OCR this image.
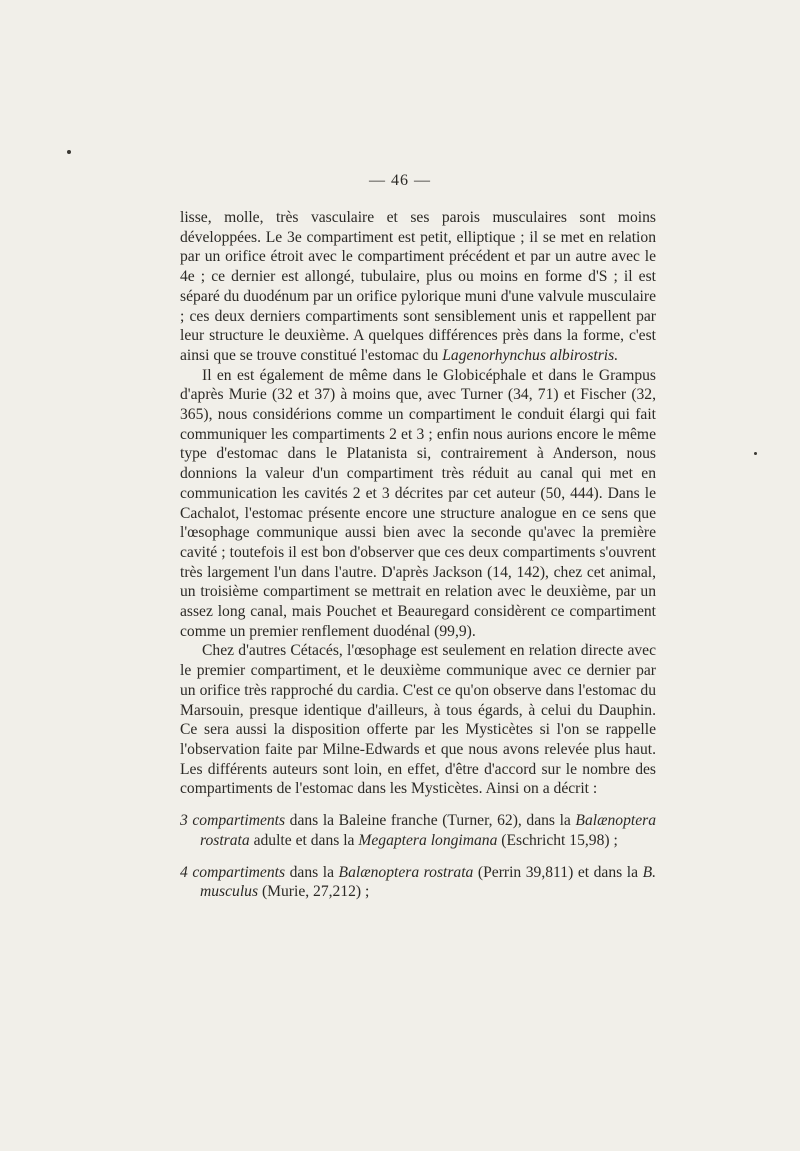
— 46 —

lisse, molle, très vasculaire et ses parois musculaires sont moins développées. Le 3e compartiment est petit, elliptique ; il se met en relation par un orifice étroit avec le compartiment précédent et par un autre avec le 4e ; ce dernier est allongé, tubulaire, plus ou moins en forme d'S ; il est séparé du duodénum par un orifice pylorique muni d'une valvule musculaire ; ces deux derniers compartiments sont sensiblement unis et rappellent par leur structure le deuxième. A quelques différences près dans la forme, c'est ainsi que se trouve constitué l'estomac du Lagenorhynchus albirostris.

Il en est également de même dans le Globicéphale et dans le Grampus d'après Murie (32 et 37) à moins que, avec Turner (34, 71) et Fischer (32, 365), nous considérions comme un compartiment le conduit élargi qui fait communiquer les compartiments 2 et 3 ; enfin nous aurions encore le même type d'estomac dans le Platanista si, contrairement à Anderson, nous donnions la valeur d'un compartiment très réduit au canal qui met en communication les cavités 2 et 3 décrites par cet auteur (50, 444). Dans le Cachalot, l'estomac présente encore une structure analogue en ce sens que l'œsophage communique aussi bien avec la seconde qu'avec la première cavité ; toutefois il est bon d'observer que ces deux compartiments s'ouvrent très largement l'un dans l'autre. D'après Jackson (14, 142), chez cet animal, un troisième compartiment se mettrait en relation avec le deuxième, par un assez long canal, mais Pouchet et Beauregard considèrent ce compartiment comme un premier renflement duodénal (99,9).

Chez d'autres Cétacés, l'œsophage est seulement en relation directe avec le premier compartiment, et le deuxième communique avec ce dernier par un orifice très rapproché du cardia. C'est ce qu'on observe dans l'estomac du Marsouin, presque identique d'ailleurs, à tous égards, à celui du Dauphin. Ce sera aussi la disposition offerte par les Mysticètes si l'on se rappelle l'observation faite par Milne-Edwards et que nous avons relevée plus haut. Les différents auteurs sont loin, en effet, d'être d'accord sur le nombre des compartiments de l'estomac dans les Mysticètes. Ainsi on a décrit :

3 compartiments dans la Baleine franche (Turner, 62), dans la Balænoptera rostrata adulte et dans la Megaptera longimana (Eschricht 15,98) ;

4 compartiments dans la Balænoptera rostrata (Perrin 39,811) et dans la B. musculus (Murie, 27,212) ;
